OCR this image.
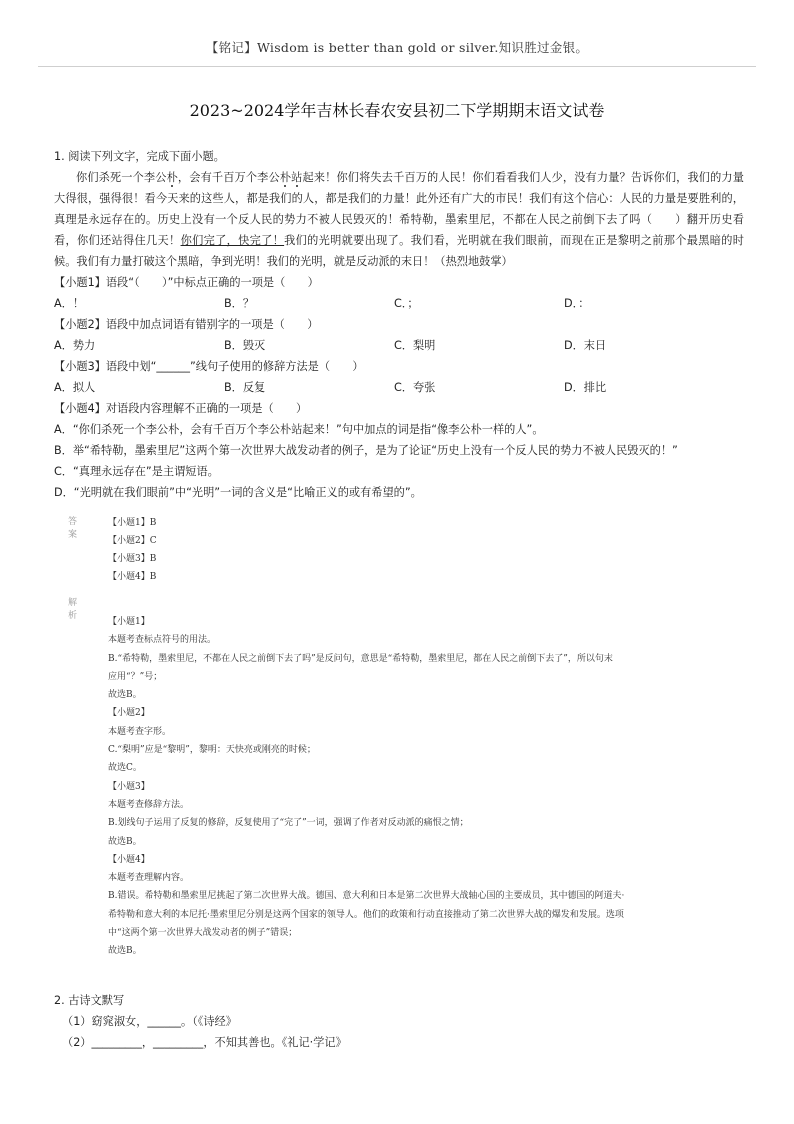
【铭记】Wisdom is better than gold or silver.知识胜过金银。
2023~2024学年吉林长春农安县初二下学期期末语文试卷

1. 阅读下列文字，完成下面小题。

你们杀死一个李公朴，会有千百万个李公朴站起来！你们将失去千百万的人民！你们看看我们人少，没有力量？告诉你们，我们的力量大得很，强得很！看今天来的这些人，都是我们的人，都是我们的力量！此外还有广大的市民！我们有这个信心：人民的力量是要胜利的，真理是永远存在的。历史上没有一个反人民的势力不被人民毁灭的！希特勒，墨索里尼，不都在人民之前倒下去了吗（　　）翻开历史看看，你们还站得住几天！你们完了，快完了！我们的光明就要出现了。我们看，光明就在我们眼前，而现在正是黎明之前那个最黑暗的时候。我们有力量打破这个黑暗，争到光明！我们的光明，就是反动派的末日！（热烈地鼓掌）

【小题1】语段“（　　）”中标点正确的一项是（　　）

A．！	B．？	C．；	D．：

【小题2】语段中加点词语有错别字的一项是（　　）

A．势力	B．毁灭	C．梨明	D．末日

【小题3】语段中划“______”线句子使用的修辞方法是（　　）

A．拟人	B．反复	C．夸张	D．排比

【小题4】对语段内容理解不正确的一项是（　　）

A．“你们杀死一个李公朴，会有千百万个李公朴站起来！”句中加点的词是指“像李公朴一样的人”。

B．举“希特勒，墨索里尼”这两个第一次世界大战发动者的例子，是为了论证“历史上没有一个反人民的势力不被人民毁灭的！”

C．“真理永远存在”是主谓短语。

D．“光明就在我们眼前”中“光明”一词的含义是“比喻正义的或有希望的”。

答案
【小题1】B
【小题2】C
【小题3】B
【小题4】B
解析
【小题1】
本题考查标点符号的用法。
B.“希特勒，墨索里尼，不都在人民之前倒下去了吗”是反问句，意思是“希特勒，墨索里尼，都在人民之前倒下去了”，所以句末
应用“？”号；
故选B。
【小题2】
本题考查字形。
C.“梨明”应是“黎明”，黎明：天快亮或刚亮的时候；
故选C。
【小题3】
本题考查修辞方法。
B.划线句子运用了反复的修辞，反复使用了“完了”一词，强调了作者对反动派的痛恨之情；
故选B。
【小题4】
本题考查理解内容。
B.错误。希特勒和墨索里尼挑起了第二次世界大战。德国、意大利和日本是第二次世界大战轴心国的主要成员，其中德国的阿道夫·
希特勒和意大利的本尼托·墨索里尼分别是这两个国家的领导人。他们的政策和行动直接推动了第二次世界大战的爆发和发展。选项
中“这两个第一次世界大战发动者的例子”错误；
故选B。

2. 古诗文默写

（1）窈窕淑女，______。（《诗经》

（2）_________，_________，不知其善也。《礼记·学记》
